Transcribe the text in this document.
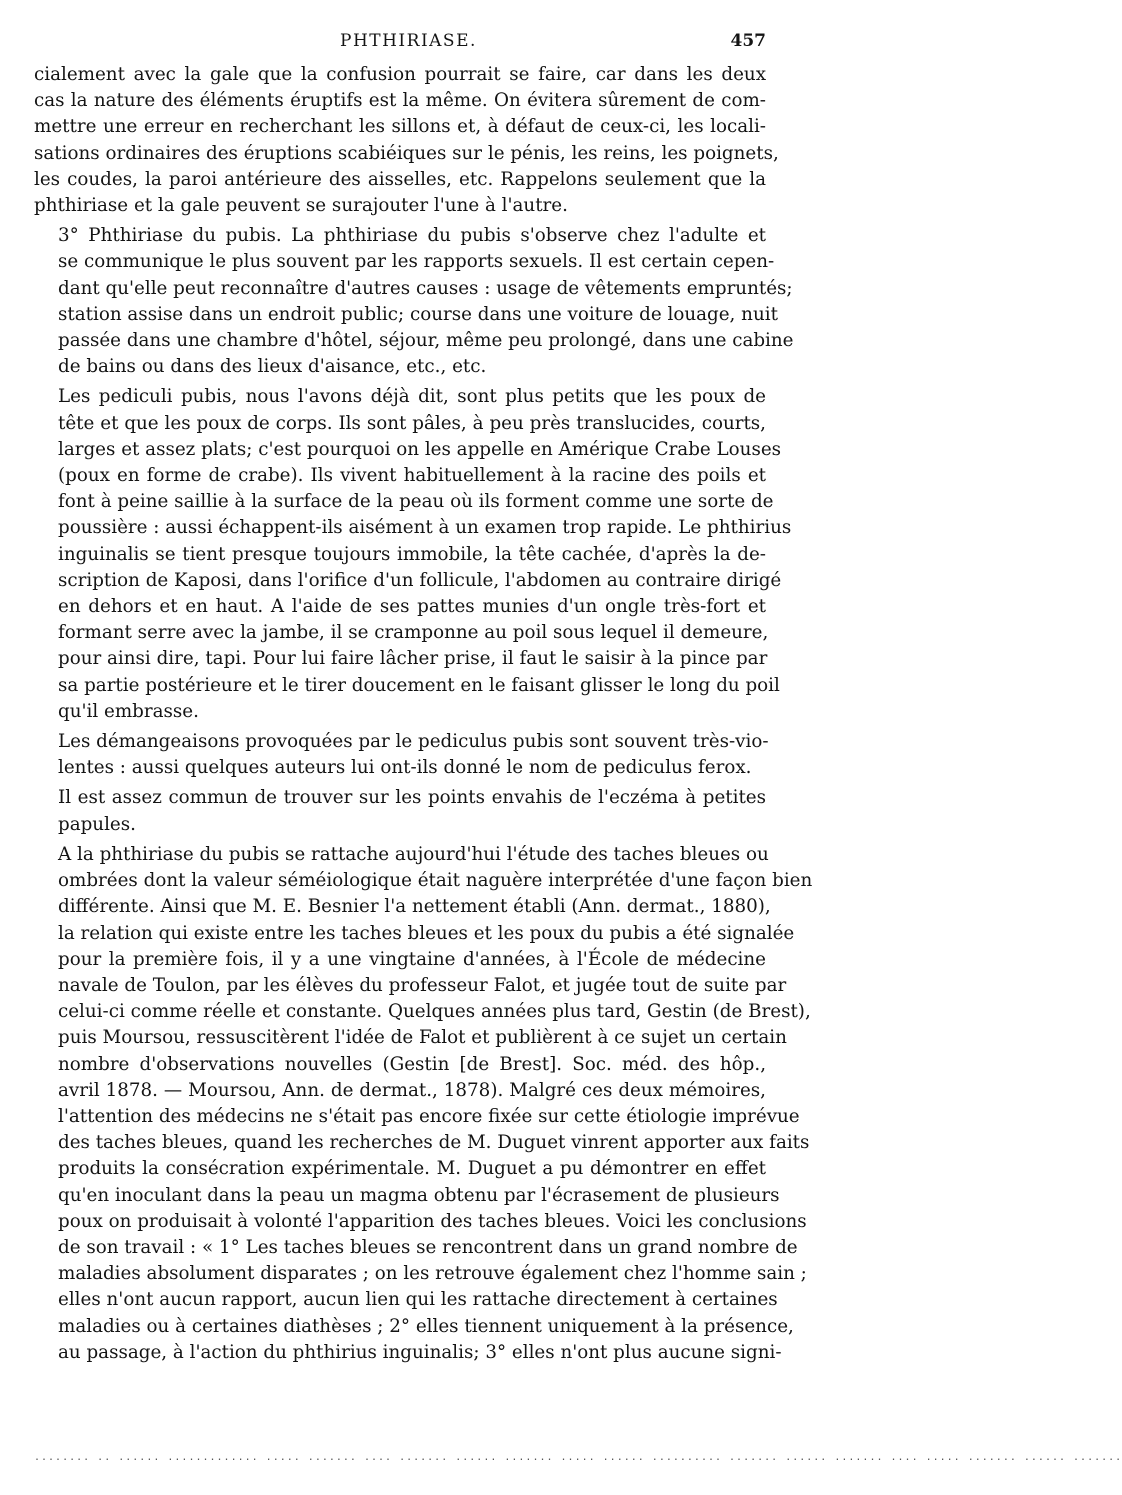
PHTHIRIASE.	457
cialement avec la gale que la confusion pourrait se faire, car dans les deux
cas la nature des éléments éruptifs est la même. On évitera sûrement de com-
mettre une erreur en recherchant les sillons et, à défaut de ceux-ci, les locali-
sations ordinaires des éruptions scabiéiques sur le pénis, les reins, les poignets,
les coudes, la paroi antérieure des aisselles, etc. Rappelons seulement que la
phthiriase et la gale peuvent se surajouter l'une à l'autre.
3° Phthiriase du pubis. La phthiriase du pubis s'observe chez l'adulte et
se communique le plus souvent par les rapports sexuels. Il est certain cepen-
dant qu'elle peut reconnaître d'autres causes : usage de vêtements empruntés;
station assise dans un endroit public; course dans une voiture de louage, nuit
passée dans une chambre d'hôtel, séjour, même peu prolongé, dans une cabine
de bains ou dans des lieux d'aisance, etc., etc.
Les pediculi pubis, nous l'avons déjà dit, sont plus petits que les poux de
tête et que les poux de corps. Ils sont pâles, à peu près translucides, courts,
larges et assez plats; c'est pourquoi on les appelle en Amérique Crabe Louses
(poux en forme de crabe). Ils vivent habituellement à la racine des poils et
font à peine saillie à la surface de la peau où ils forment comme une sorte de
poussière : aussi échappent-ils aisément à un examen trop rapide. Le phthirius
inguinalis se tient presque toujours immobile, la tête cachée, d'après la de-
scription de Kaposi, dans l'orifice d'un follicule, l'abdomen au contraire dirigé
en dehors et en haut. A l'aide de ses pattes munies d'un ongle très-fort et
formant serre avec la jambe, il se cramponne au poil sous lequel il demeure,
pour ainsi dire, tapi. Pour lui faire lâcher prise, il faut le saisir à la pince par
sa partie postérieure et le tirer doucement en le faisant glisser le long du poil
qu'il embrasse.
Les démangeaisons provoquées par le pediculus pubis sont souvent très-vio-
lentes : aussi quelques auteurs lui ont-ils donné le nom de pediculus ferox.
Il est assez commun de trouver sur les points envahis de l'eczéma à petites
papules.
A la phthiriase du pubis se rattache aujourd'hui l'étude des taches bleues ou
ombrées dont la valeur séméiologique était naguère interprétée d'une façon bien
différente. Ainsi que M. E. Besnier l'a nettement établi (Ann. dermat., 1880),
la relation qui existe entre les taches bleues et les poux du pubis a été signalée
pour la première fois, il y a une vingtaine d'années, à l'École de médecine
navale de Toulon, par les élèves du professeur Falot, et jugée tout de suite par
celui-ci comme réelle et constante. Quelques années plus tard, Gestin (de Brest),
puis Moursou, ressuscitèrent l'idée de Falot et publièrent à ce sujet un certain
nombre d'observations nouvelles (Gestin [de Brest]. Soc. méd. des hôp.,
avril 1878. — Moursou, Ann. de dermat., 1878). Malgré ces deux mémoires,
l'attention des médecins ne s'était pas encore fixée sur cette étiologie imprévue
des taches bleues, quand les recherches de M. Duguet vinrent apporter aux faits
produits la consécration expérimentale. M. Duguet a pu démontrer en effet
qu'en inoculant dans la peau un magma obtenu par l'écrasement de plusieurs
poux on produisait à volonté l'apparition des taches bleues. Voici les conclusions
de son travail : « 1° Les taches bleues se rencontrent dans un grand nombre de
maladies absolument disparates ; on les retrouve également chez l'homme sain ;
elles n'ont aucun rapport, aucun lien qui les rattache directement à certaines
maladies ou à certaines diathèses ; 2° elles tiennent uniquement à la présence,
au passage, à l'action du phthirius inguinalis; 3° elles n'ont plus aucune signi-
........ .. ...... ............. ..... ....... .... ....... ...... ....... ..... ...... .......... ....... ...... ....... .... ..... ....... ...... .......
